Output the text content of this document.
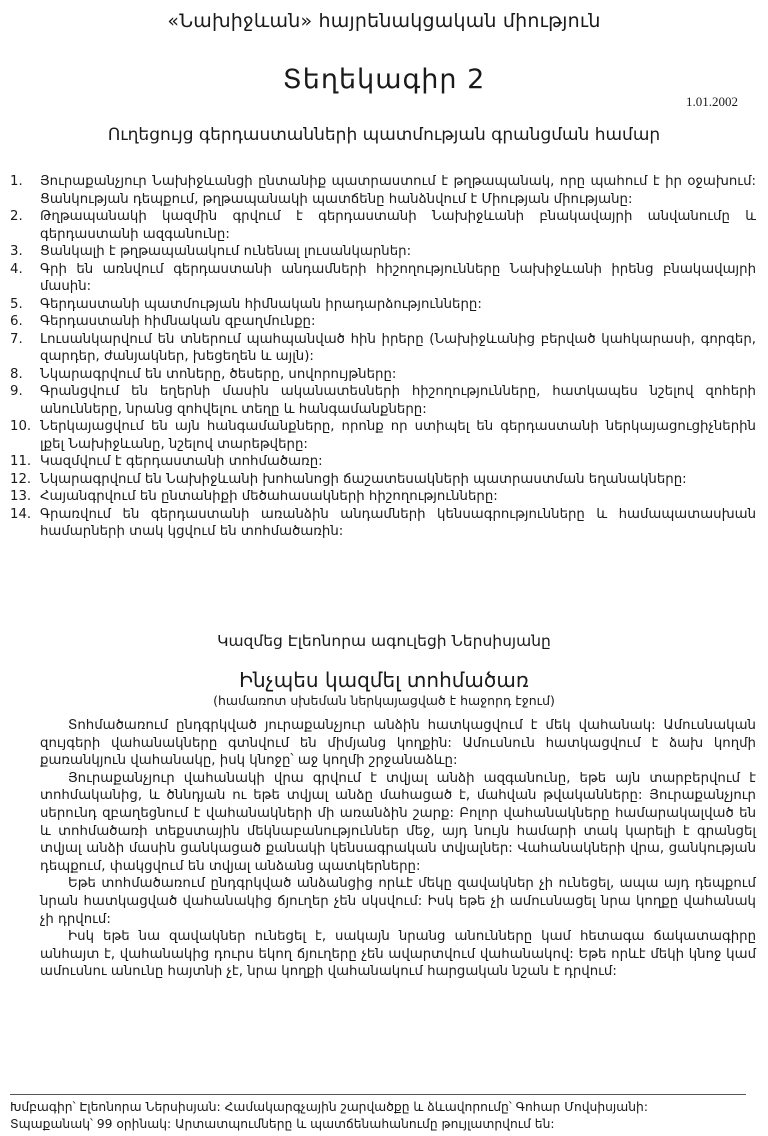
«Նախիջևան» հայրենակցական միություն
Տեղեկագիր 2
1.01.2002
Ուղեցույց գերդաստանների պատմության գրանցման համար
1.	Յուրաքանչյուր Նախիջևանցի ընտանիք պատրաստում է թղթապանակ, որը պահում է իր օջախում: Ցանկության դեպքում, թղթապանակի պատճենը հանձնվում է Միության միությանը:
2.	Թղթապանակի կազմին գրվում է գերդաստանի Նախիջևանի բնակավայրի անվանումը և գերդաստանի ազգանունը:
3.	Ցանկալի է թղթապանակում ունենալ լուսանկարներ:
4.	Գրի են առնվում գերդաստանի անդամների հիշողությունները Նախիջևանի իրենց բնակավայրի մասին:
5.	Գերդաստանի պատմության հիմնական իրադարձությունները:
6.	Գերդաստանի հիմնական զբաղմունքը:
7.	Լուսանկարվում են տներում պահպանված հին իրերը (Նախիջևանից բերված կահկարասի, գորգեր, զարդեր, ժանյակներ, խեցեղեն և այլն):
8.	Նկարագրվում են տոները, ծեսերը, սովորույթները:
9.	Գրանցվում են եղերնի մասին ականատեսների հիշողությունները, հատկապես նշելով զոհերի անունները, նրանց զոհվելու տեղը և հանգամանքները:
10. Ներկայացվում են այն հանգամանքները, որոնք որ ստիպել են գերդաստանի ներկայացուցիչներին լքել Նախիջևանը, նշելով տարեթվերը:
11. Կազմվում է գերդաստանի տոհմածառը:
12. Նկարագրվում են Նախիջևանի խոհանոցի ճաշատեսակների պատրաստման եղանակները:
13. Հայանգրվում են ընտանիքի մեծահասակների հիշողությունները:
14. Գրառվում են գերդաստանի առանձին անդամների կենսագրությունները և համապատասխան համարների տակ կցվում են տոհմածառին:
Կազմեց Էլեոնորա ագուլեցի Ներսիսյանը
Ինչպես կազմել տոհմածառ
(համառոտ սխեման ներկայացված է հաջորդ էջում)

Տոհմածառում ընդգրկված յուրաքանչյուր անձին հատկացվում է մեկ վահանակ: Ամուսնական զույգերի վահանակները գտնվում են միմյանց կողքին: Ամուսնուն հատկացվում է ձախ կողմի քառանկյուն վահանակը, իսկ կնոջը՝ աջ կողմի շրջանաձևը:

Յուրաքանչյուր վահանակի վրա գրվում է տվյալ անձի ազգանունը, եթե այն տարբերվում է տոհմականից, և ծննդյան ու եթե տվյալ անձը մահացած է, մահվան թվականները: Յուրաքանչյուր սերունդ զբաղեցնում է վահանակների մի առանձին շարք: Բոլոր վահանակները համարակալված են և տոհմածառի տեքստային մեկնաբանություններ մեջ, այդ նույն համարի տակ կարելի է գրանցել տվյալ անձի մասին ցանկացած քանակի կենսագրական տվյալներ: Վահանակների վրա, ցանկության դեպքում, փակցվում են տվյալ անձանց պատկերները:

Եթե տոհմածառում ընդգրկված անձանցից որևէ մեկը զավակներ չի ունեցել, ապա այդ դեպքում նրան հատկացված վահանակից ճյուղեր չեն սկսվում: Իսկ եթե չի ամուսնացել նրա կողքը վահանակ չի դրվում:

Իսկ եթե նա զավակներ ունեցել է, սակայն նրանց անունները կամ հետագա ճակատագիրը անհայտ է, վահանակից դուրս եկող ճյուղերը չեն ավարտվում վահանակով: Եթե որևէ մեկի կնոջ կամ ամուսնու անունը հայտնի չէ, նրա կողքի վահանակում հարցական նշան է դրվում:

Խմբագիր՝ Էլեոնորա Ներսիսյան: Համակարգչային շարվածքը և ձևավորումը՝ Գոհար Մովսիսյանի:
Տպաքանակ՝ 99 օրինակ: Արտատպումները և պատճենահանումը թույլատրվում են:
